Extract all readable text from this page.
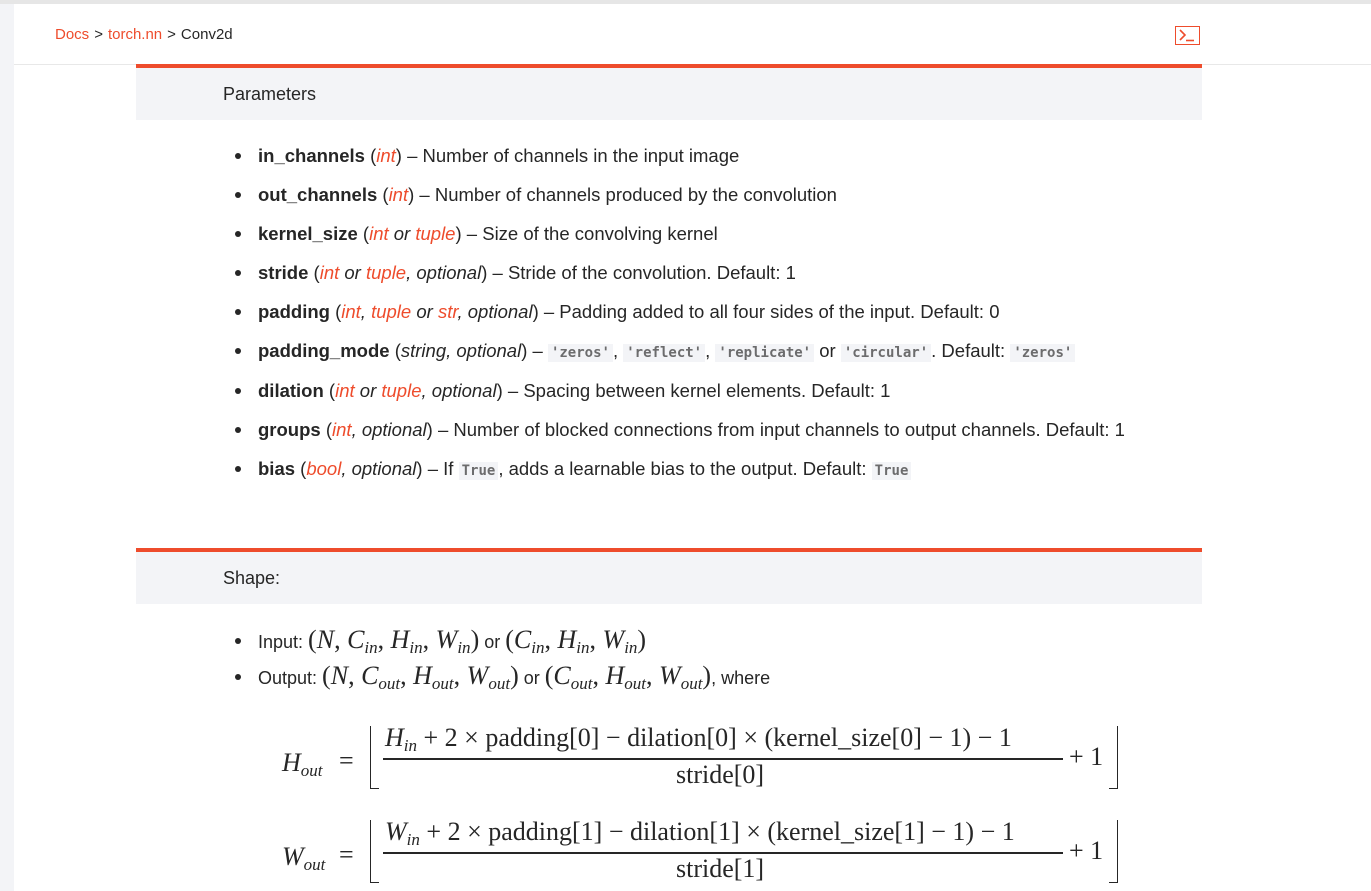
Docs > torch.nn > Conv2d
Parameters
in_channels (int) – Number of channels in the input image
out_channels (int) – Number of channels produced by the convolution
kernel_size (int or tuple) – Size of the convolving kernel
stride (int or tuple, optional) – Stride of the convolution. Default: 1
padding (int, tuple or str, optional) – Padding added to all four sides of the input. Default: 0
padding_mode (string, optional) – 'zeros' , 'reflect' , 'replicate' or 'circular' . Default: 'zeros'
dilation (int or tuple, optional) – Spacing between kernel elements. Default: 1
groups (int, optional) – Number of blocked connections from input channels to output channels. Default: 1
bias (bool, optional) – If True , adds a learnable bias to the output. Default: True
Shape:
Input: (N, $C_{in}$, $H_{in}$, $W_{in}$) or ($C_{in}$, $H_{in}$, $W_{in}$)
Output: (N, $C_{out}$, $H_{out}$, $W_{out}$) or ($C_{out}$, $H_{out}$, $W_{out}$), where
$H_{out}$ =
$H_{in} + 2$ × padding[0] − dilation[0] × (kernel_size[0] − 1) − 1
stride[0]
+ 1
$W_{out}$ =
$W_{in} + 2$ × padding[1] − dilation[1] × (kernel_size[1] − 1) − 1
stride[1]
+ 1
